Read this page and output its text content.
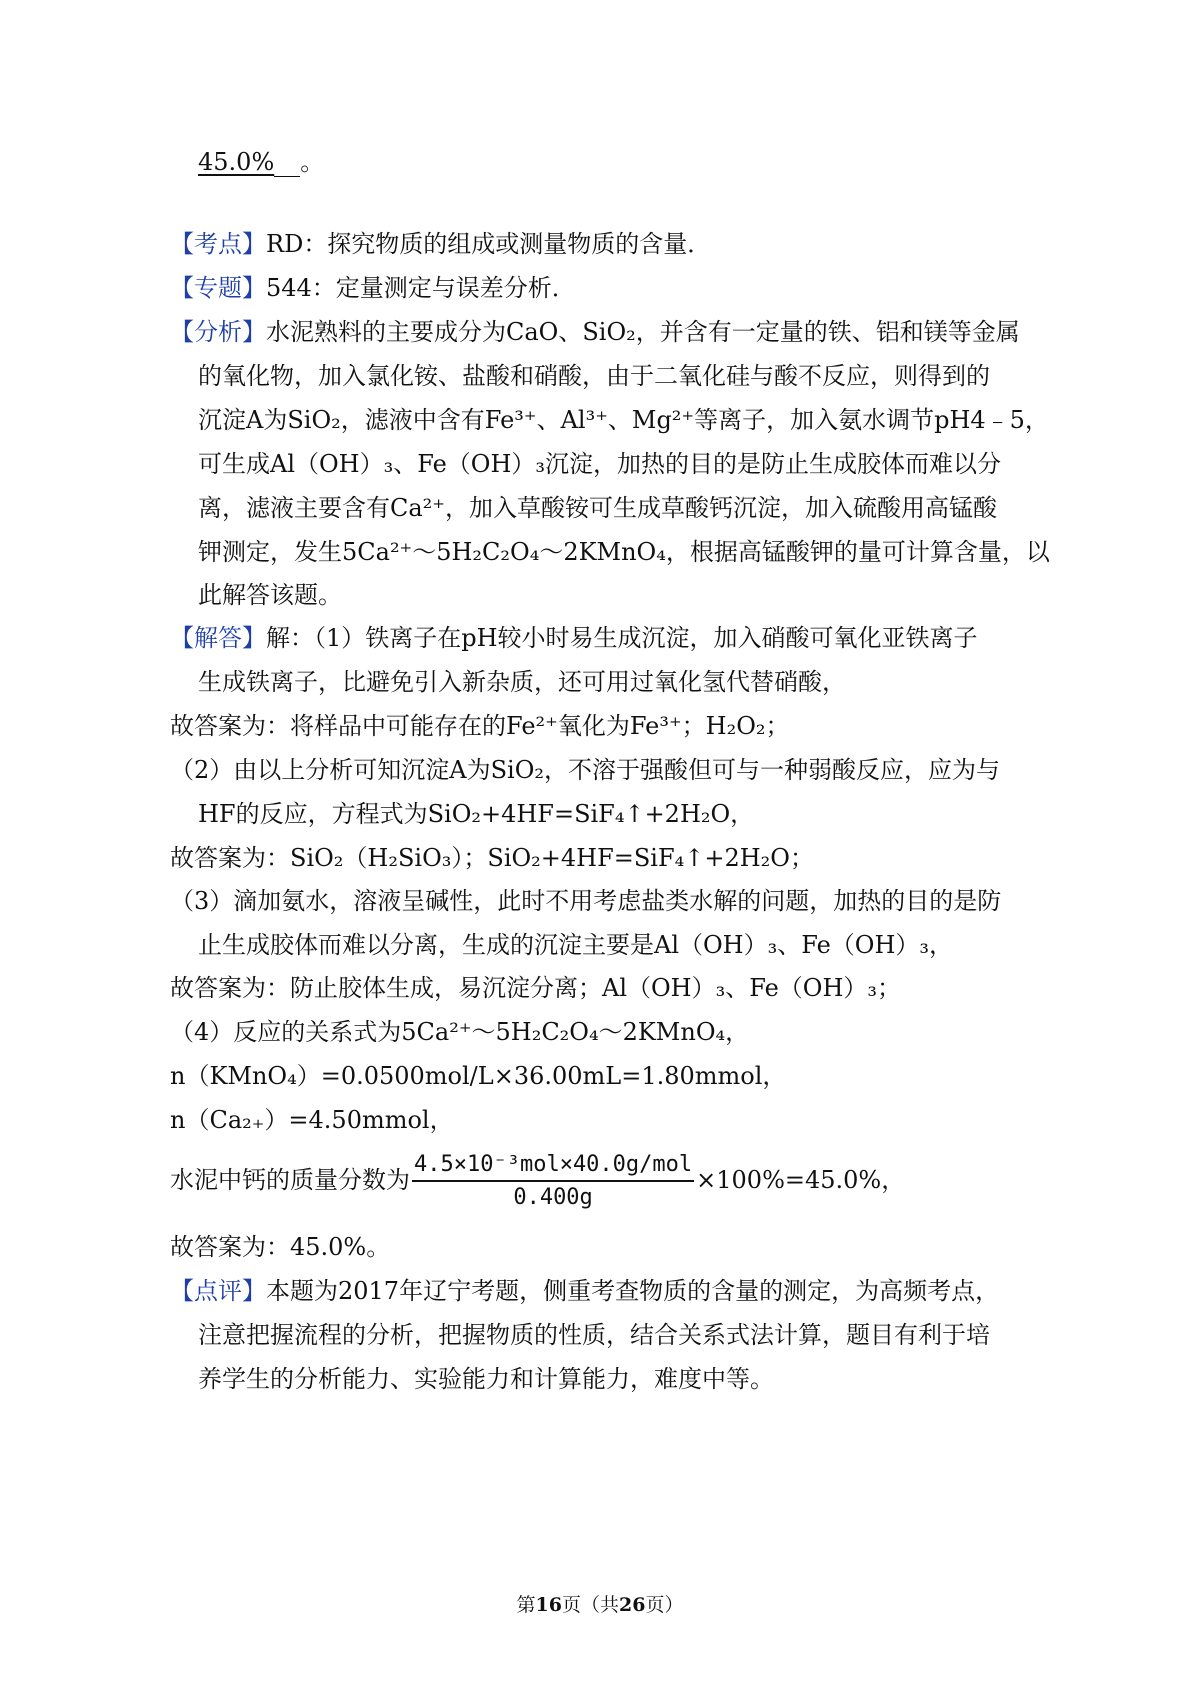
45.0% 。
【考点】RD：探究物质的组成或测量物质的含量．
【专题】544：定量测定与误差分析．
【分析】水泥熟料的主要成分为CaO、SiO₂，并含有一定量的铁、铝和镁等金属
的氧化物，加入氯化铵、盐酸和硝酸，由于二氧化硅与酸不反应，则得到的
沉淀A为SiO₂，滤液中含有Fe³⁺、Al³⁺、Mg²⁺等离子，加入氨水调节pH4﹣5，
可生成Al（OH）₃、Fe（OH）₃沉淀，加热的目的是防止生成胶体而难以分
离，滤液主要含有Ca²⁺，加入草酸铵可生成草酸钙沉淀，加入硫酸用高锰酸
钾测定，发生5Ca²⁺～5H₂C₂O₄～2KMnO₄，根据高锰酸钾的量可计算含量，以
此解答该题。
【解答】解：（1）铁离子在pH较小时易生成沉淀，加入硝酸可氧化亚铁离子
生成铁离子，比避免引入新杂质，还可用过氧化氢代替硝酸，
故答案为：将样品中可能存在的Fe²⁺氧化为Fe³⁺；H₂O₂；
（2）由以上分析可知沉淀A为SiO₂，不溶于强酸但可与一种弱酸反应，应为与
HF的反应，方程式为SiO₂+4HF=SiF₄↑+2H₂O，
故答案为：SiO₂（H₂SiO₃）；SiO₂+4HF=SiF₄↑+2H₂O；
（3）滴加氨水，溶液呈碱性，此时不用考虑盐类水解的问题，加热的目的是防
止生成胶体而难以分离，生成的沉淀主要是Al（OH）₃、Fe（OH）₃，
故答案为：防止胶体生成，易沉淀分离；Al（OH）₃、Fe（OH）₃；
（4）反应的关系式为5Ca²⁺～5H₂C₂O₄～2KMnO₄，
n（KMnO₄）=0.0500mol/L×36.00mL=1.80mmol，
n（Ca₂₊）=4.50mmol，
水泥中钙的质量分数为 $\frac{\text{4.5×10⁻³mol×40.0g/mol}}{0.400g} \times 100\%=45.0\%$，
故答案为：45.0%。
【点评】本题为2017年辽宁考题，侧重考查物质的含量的测定，为高频考点，
注意把握流程的分析，把握物质的性质，结合关系式法计算，题目有利于培
养学生的分析能力、实验能力和计算能力，难度中等。
第16页（共26页）
